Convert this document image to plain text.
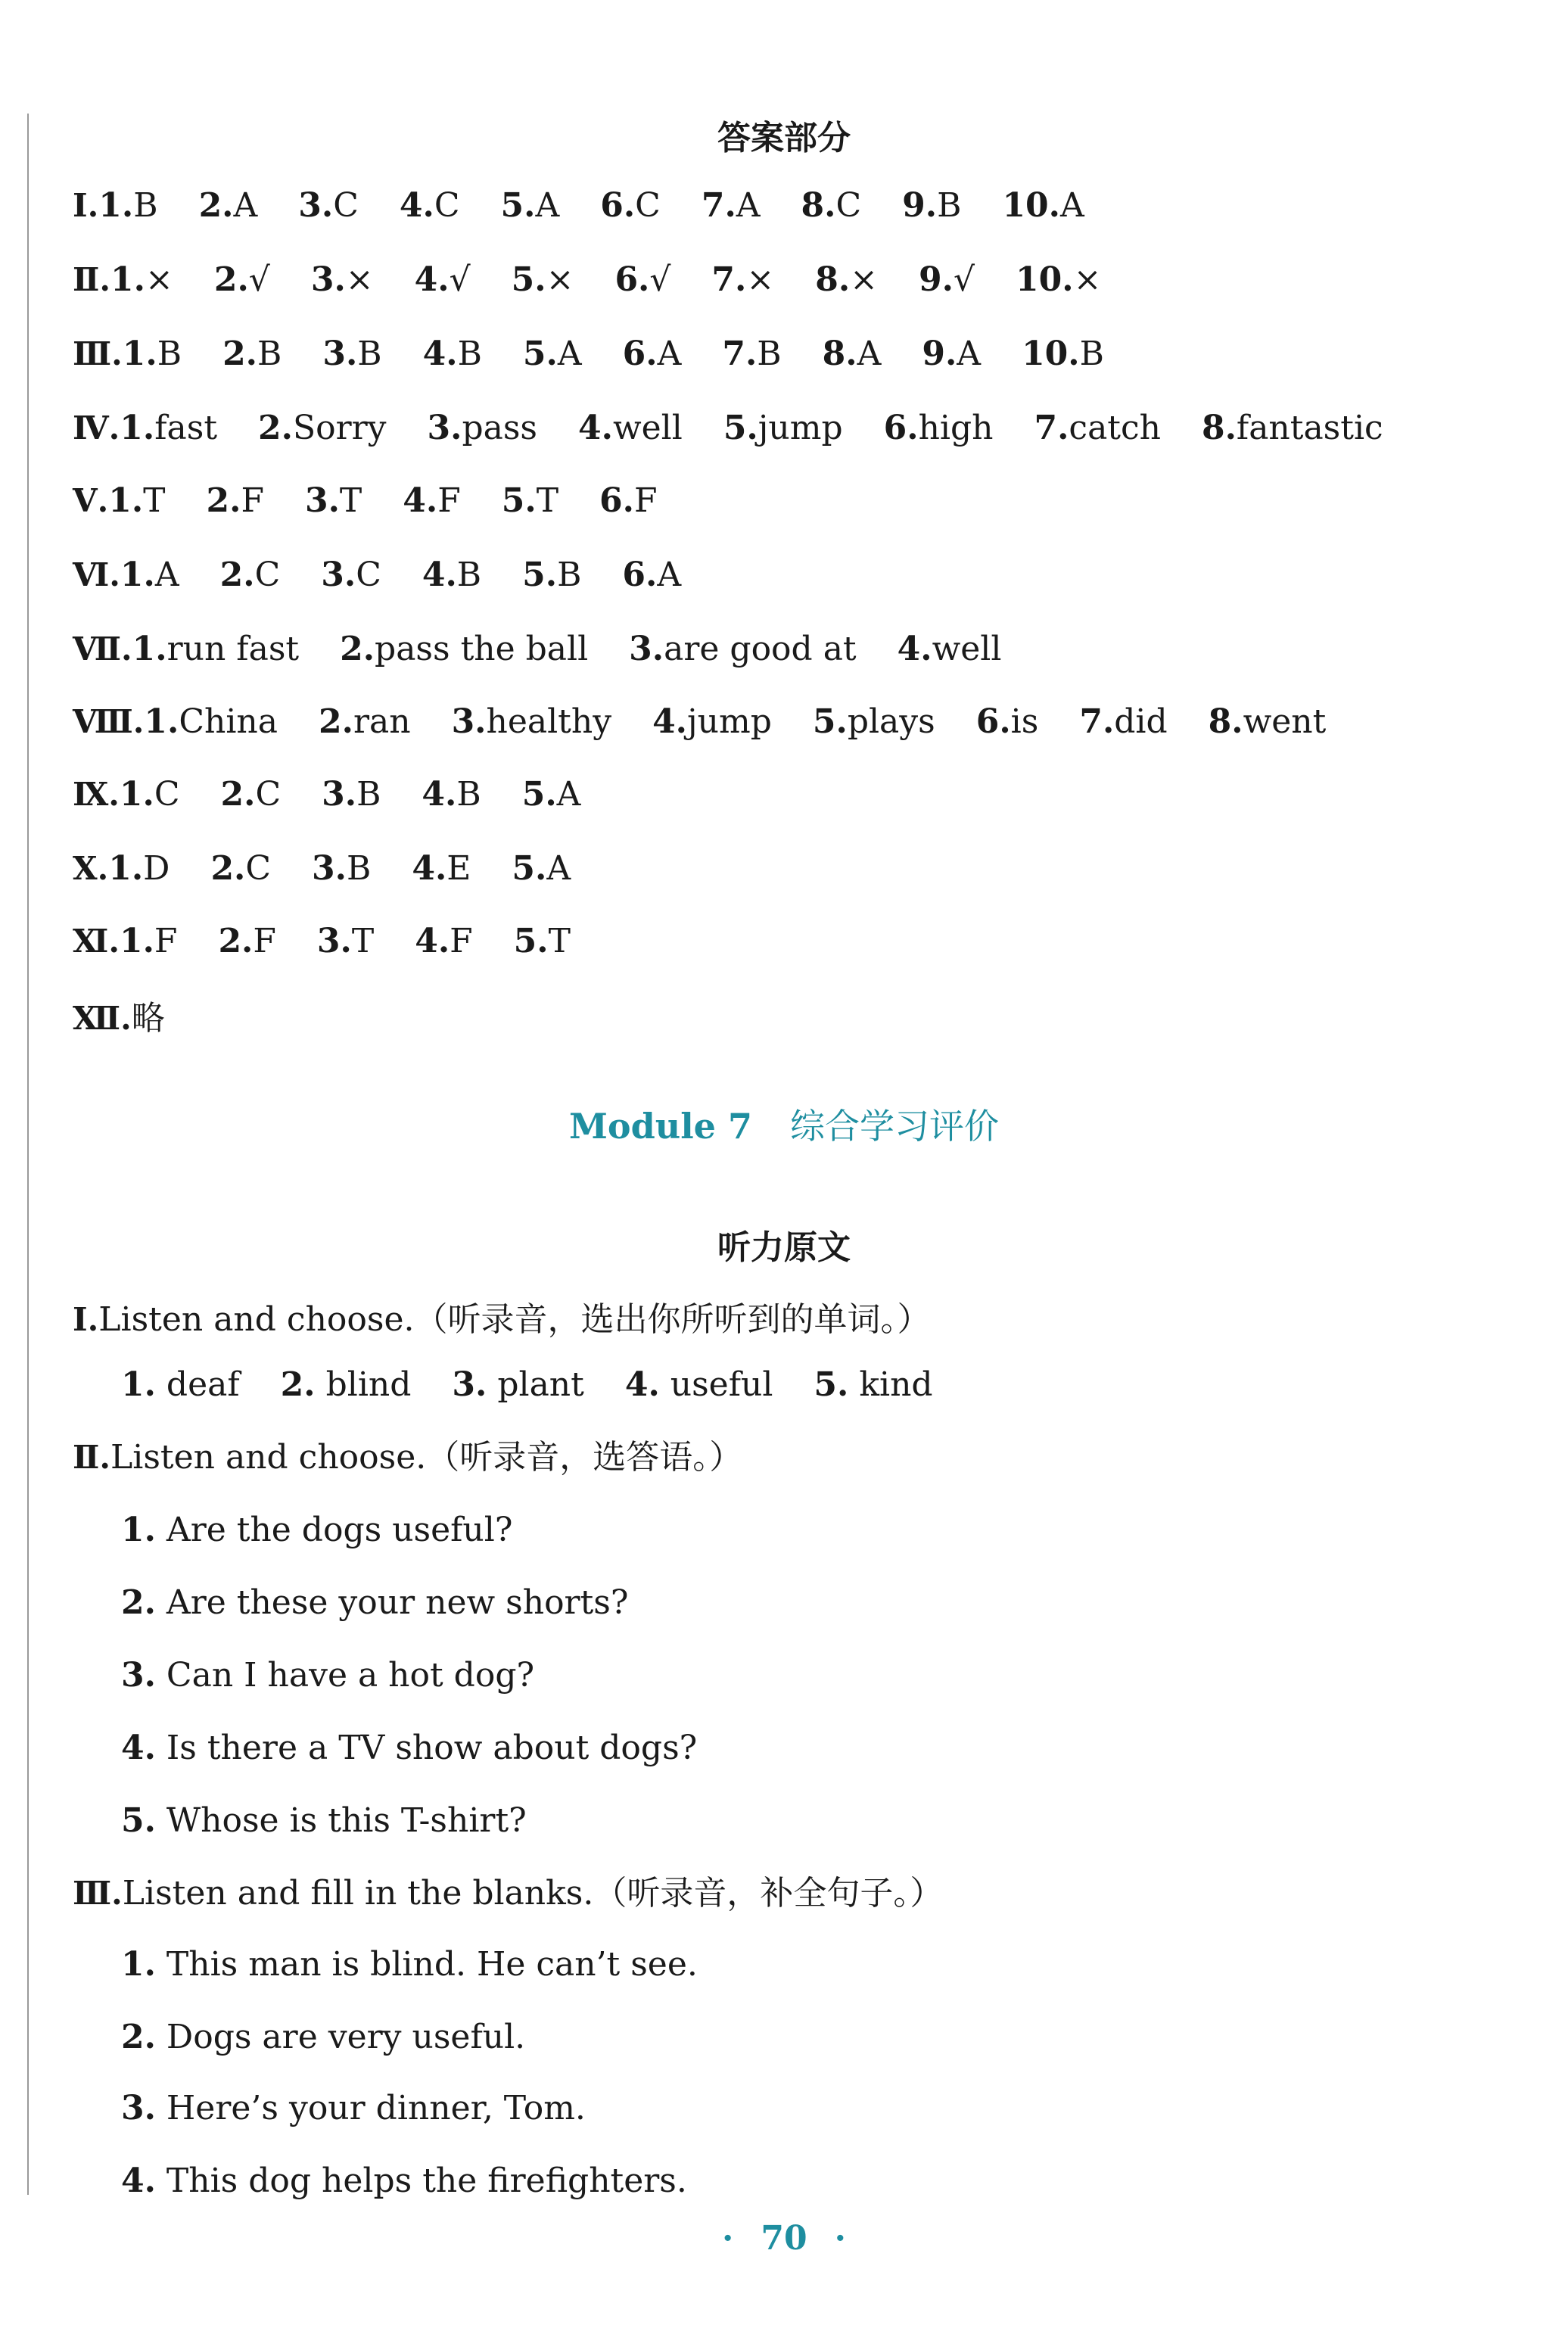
答案部分
Ⅰ.1.B 2.A 3.C 4.C 5.A 6.C 7.A 8.C 9.B 10.A
Ⅱ.1.× 2.√ 3.× 4.√ 5.× 6.√ 7.× 8.× 9.√ 10.×
Ⅲ.1.B 2.B 3.B 4.B 5.A 6.A 7.B 8.A 9.A 10.B
Ⅳ.1.fast 2.Sorry 3.pass 4.well 5.jump 6.high 7.catch 8.fantastic
Ⅴ.1.T 2.F 3.T 4.F 5.T 6.F
Ⅵ.1.A 2.C 3.C 4.B 5.B 6.A
Ⅶ.1.run fast 2.pass the ball 3.are good at 4.well
Ⅷ.1.China 2.ran 3.healthy 4.jump 5.plays 6.is 7.did 8.went
Ⅸ.1.C 2.C 3.B 4.B 5.A
Ⅹ.1.D 2.C 3.B 4.E 5.A
Ⅺ.1.F 2.F 3.T 4.F 5.T
Ⅻ.略
Module 7 综合学习评价
听力原文
Ⅰ.Listen and choose.（听录音，选出你所听到的单词。）
1. deaf 2. blind 3. plant 4. useful 5. kind
Ⅱ.Listen and choose.（听录音，选答语。）
1. Are the dogs useful?
2. Are these your new shorts?
3. Can I have a hot dog?
4. Is there a TV show about dogs?
5. Whose is this T-shirt?
Ⅲ.Listen and fill in the blanks.（听录音，补全句子。）
1. This man is blind. He can’t see.
2. Dogs are very useful.
3. Here’s your dinner, Tom.
4. This dog helps the firefighters.
· 70 ·
